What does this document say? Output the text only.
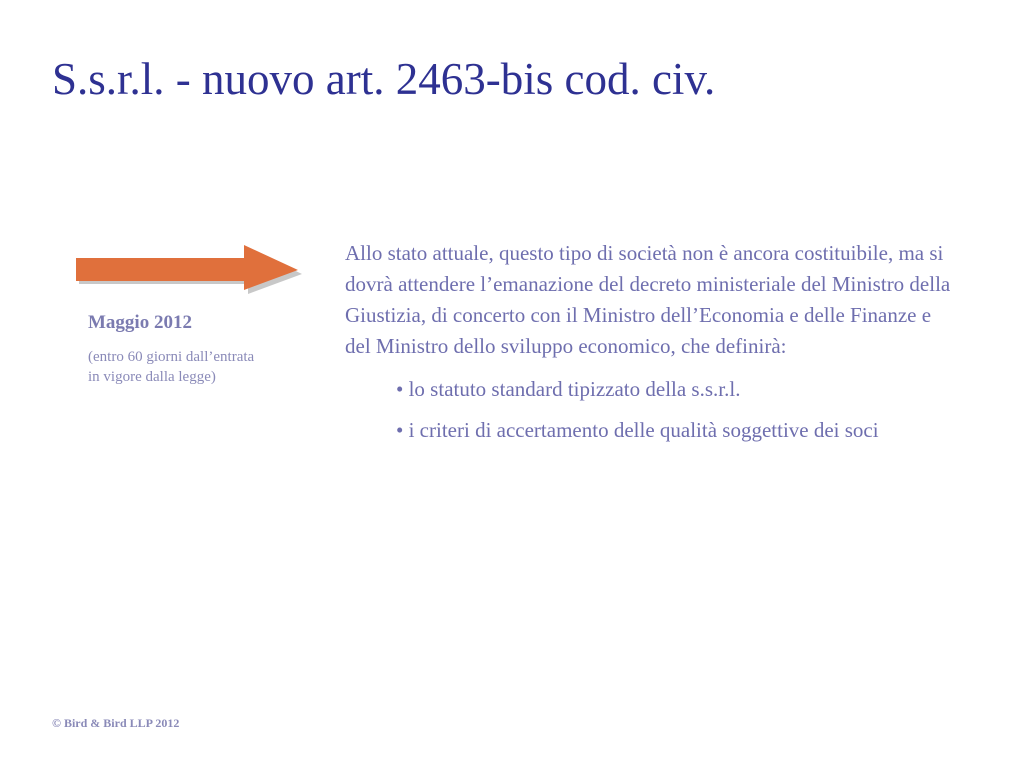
S.s.r.l. - nuovo art. 2463-bis cod. civ.
Maggio 2012
(entro 60 giorni dall’entrata in vigore dalla legge)

Allo stato attuale, questo tipo di società non è ancora costituibile, ma si dovrà attendere l’emanazione del decreto ministeriale del Ministro della Giustizia, di concerto con il Ministro dell’Economia e delle Finanze e del Ministro dello sviluppo economico, che definirà:

• lo statuto standard tipizzato della s.s.r.l.

• i criteri di accertamento delle qualità soggettive dei soci

© Bird & Bird LLP 2012
